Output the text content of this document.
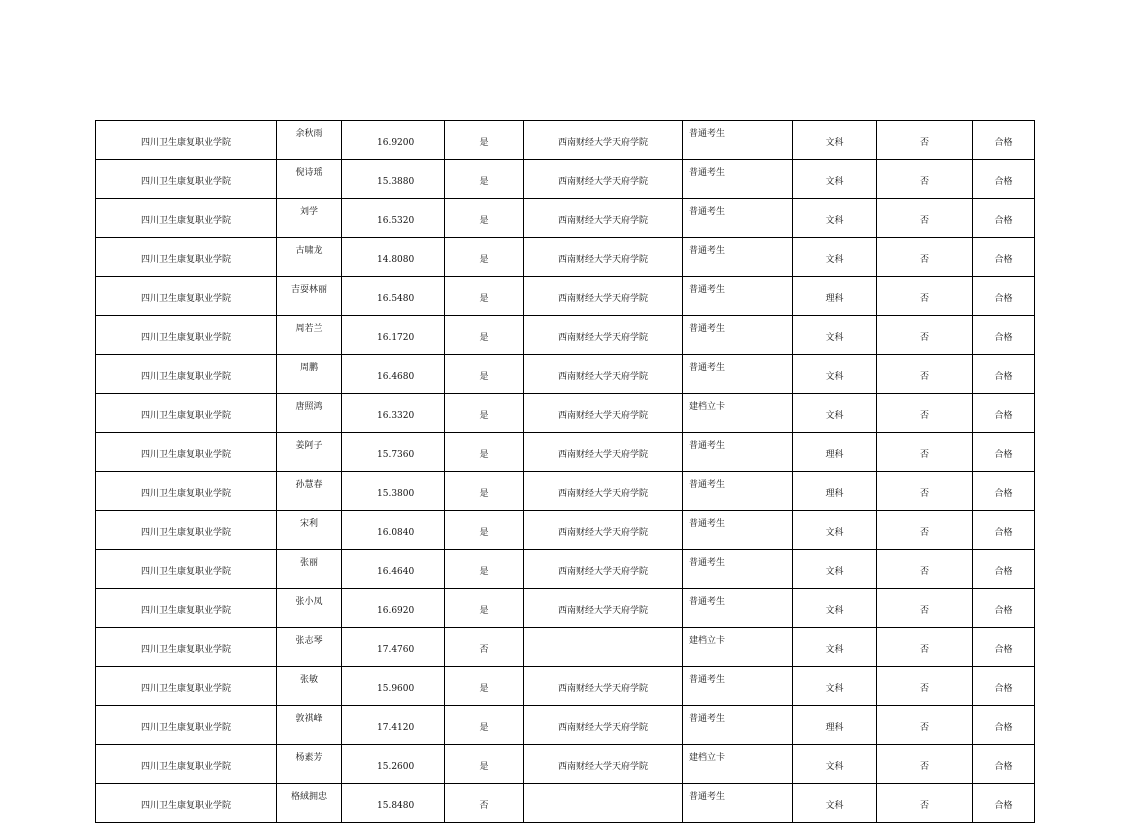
四川卫生康复职业学院	余秋雨	16.9200	是	西南财经大学天府学院	普通考生	文科	否	合格
四川卫生康复职业学院	倪诗瑶	15.3880	是	西南财经大学天府学院	普通考生	文科	否	合格
四川卫生康复职业学院	刘学	16.5320	是	西南财经大学天府学院	普通考生	文科	否	合格
四川卫生康复职业学院	古啸龙	14.8080	是	西南财经大学天府学院	普通考生	文科	否	合格
四川卫生康复职业学院	吉耍林丽	16.5480	是	西南财经大学天府学院	普通考生	理科	否	合格
四川卫生康复职业学院	周若兰	16.1720	是	西南财经大学天府学院	普通考生	文科	否	合格
四川卫生康复职业学院	周鹏	16.4680	是	西南财经大学天府学院	普通考生	文科	否	合格
四川卫生康复职业学院	唐照鸿	16.3320	是	西南财经大学天府学院	建档立卡	文科	否	合格
四川卫生康复职业学院	姜阿子	15.7360	是	西南财经大学天府学院	普通考生	理科	否	合格
四川卫生康复职业学院	孙慧春	15.3800	是	西南财经大学天府学院	普通考生	理科	否	合格
四川卫生康复职业学院	宋利	16.0840	是	西南财经大学天府学院	普通考生	文科	否	合格
四川卫生康复职业学院	张丽	16.4640	是	西南财经大学天府学院	普通考生	文科	否	合格
四川卫生康复职业学院	张小凤	16.6920	是	西南财经大学天府学院	普通考生	文科	否	合格
四川卫生康复职业学院	张志琴	17.4760	否		建档立卡	文科	否	合格
四川卫生康复职业学院	张敏	15.9600	是	西南财经大学天府学院	普通考生	文科	否	合格
四川卫生康复职业学院	敦祺峰	17.4120	是	西南财经大学天府学院	普通考生	理科	否	合格
四川卫生康复职业学院	杨素芳	15.2600	是	西南财经大学天府学院	建档立卡	文科	否	合格
四川卫生康复职业学院	格絨拥忠	15.8480	否		普通考生	文科	否	合格
